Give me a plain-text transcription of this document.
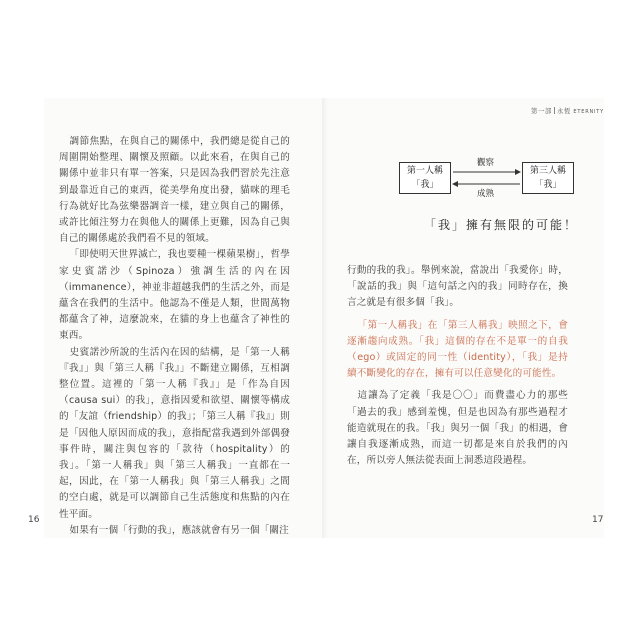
調節焦點，在與自己的關係中，我們總是從自己的周圍開始整理、關懷及照顧。以此來看，在與自己的關係中並非只有單一答案，只是因為我們習於先注意到最靠近自己的東西，從美學角度出發，貓咪的理毛行為就好比為弦樂器調音一樣，建立與自己的關係，或許比傾注努力在與他人的關係上更難，因為自己與自己的關係處於我們看不見的領域。

「即使明天世界滅亡，我也要種一棵蘋果樹」，哲學家史賓諾沙（Spinoza）強調生活的內在因（immanence），神並非超越我們的生活之外，而是蘊含在我們的生活中。他認為不僅是人類，世間萬物都蘊含了神，這麼說來，在貓的身上也蘊含了神性的東西。

史賓諾沙所說的生活內在因的結構，是「第一人稱『我』」與「第三人稱『我』」不斷建立關係，互相調整位置。這裡的「第一人稱『我』」是「作為自因（causa sui）的我」，意指因愛和欲望、關懷等構成的「友誼（friendship）的我」；「第三人稱『我』」則是「因他人原因而成的我」，意指配當我遇到外部偶發事件時，關注與包容的「款待（hospitality）的我」。「第一人稱我」與「第三人稱我」一直都在一起，因此，在「第一人稱我」與「第三人稱我」之間的空白處，就是可以調節自己生活態度和焦點的內在性平面。

如果有一個「行動的我」，應該就會有另一個「關注

16
第一部 永恆 ETERNITY
第一人稱
「我」
第三人稱
「我」
觀察
成熟
「我」擁有無限的可能！

行動的我的我」。舉例來說，當說出「我愛你」時，「說話的我」與「這句話之內的我」同時存在，換言之就是有很多個「我」。

「第一人稱我」在「第三人稱我」映照之下，會逐漸趨向成熟。「我」這個的存在不是單一的自我（ego）或固定的同一性（identity），「我」是持續不斷變化的存在，擁有可以任意變化的可能性。

這讓為了定義「我是〇〇」而費盡心力的那些「過去的我」感到羞愧，但是也因為有那些過程才能造就現在的我。「我」與另一個「我」的相遇，會讓自我逐漸成熟，而這一切都是來自於我們的內在，所以旁人無法從表面上洞悉這段過程。

17
